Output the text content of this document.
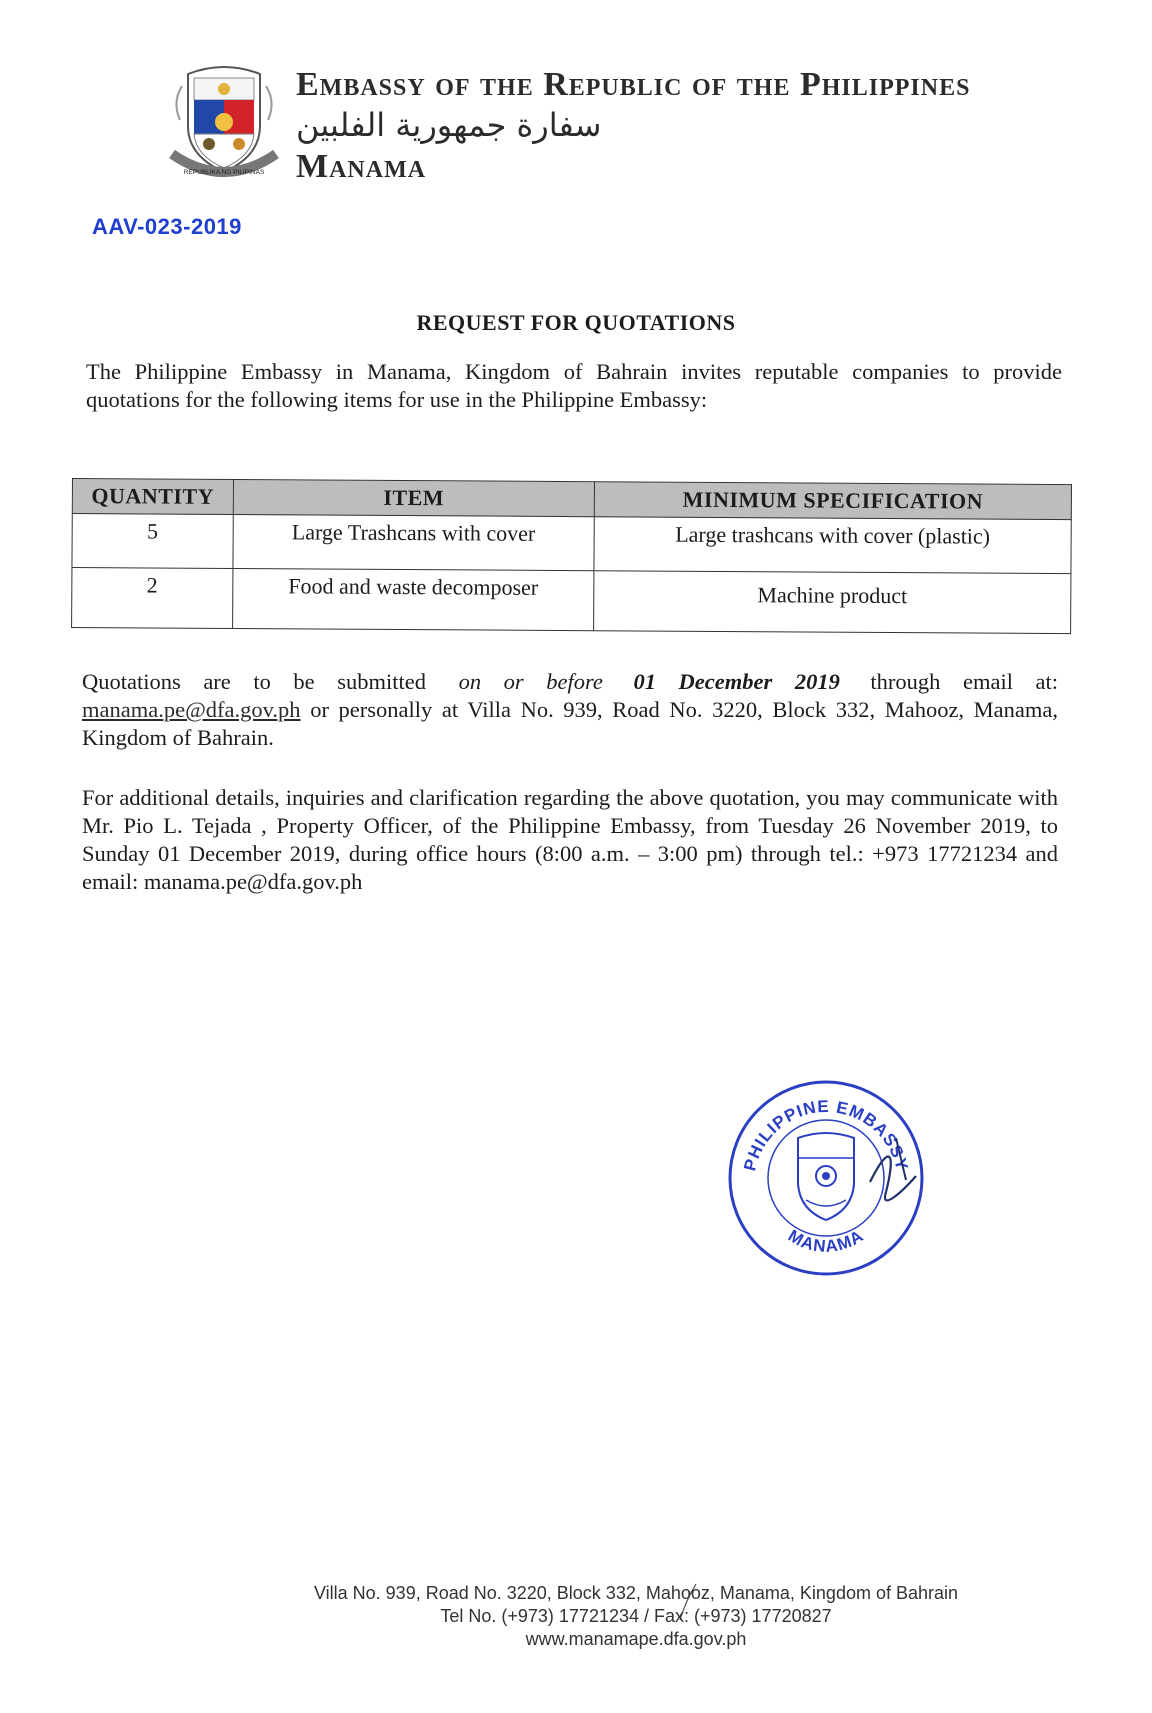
REPUBLIKA NG PILIPINAS
Embassy of the Republic of the Philippines
سفارة جمهورية الفلبين
Manama
AAV-023-2019
REQUEST FOR QUOTATIONS
The Philippine Embassy in Manama, Kingdom of Bahrain invites reputable companies to provide quotations for the following items for use in the Philippine Embassy:
QUANTITY	ITEM	MINIMUM SPECIFICATION
5	Large Trashcans with cover	Large trashcans with cover (plastic)
2	Food and waste decomposer	Machine product
Quotations are to be submitted on or before 01 December 2019 through email at: manama.pe@dfa.gov.ph or personally at Villa No. 939, Road No. 3220, Block 332, Mahooz, Manama, Kingdom of Bahrain.
For additional details, inquiries and clarification regarding the above quotation, you may communicate with Mr. Pio L. Tejada , Property Officer, of the Philippine Embassy, from Tuesday 26 November 2019, to Sunday 01 December 2019, during office hours (8:00 a.m. – 3:00 pm) through tel.: +973 17721234 and email: manama.pe@dfa.gov.ph
PHILIPPINE EMBASSY
MANAMA
Villa No. 939, Road No. 3220, Block 332, Mahooz, Manama, Kingdom of Bahrain
Tel No. (+973) 17721234 / Fax: (+973) 17720827
www.manamape.dfa.gov.ph
